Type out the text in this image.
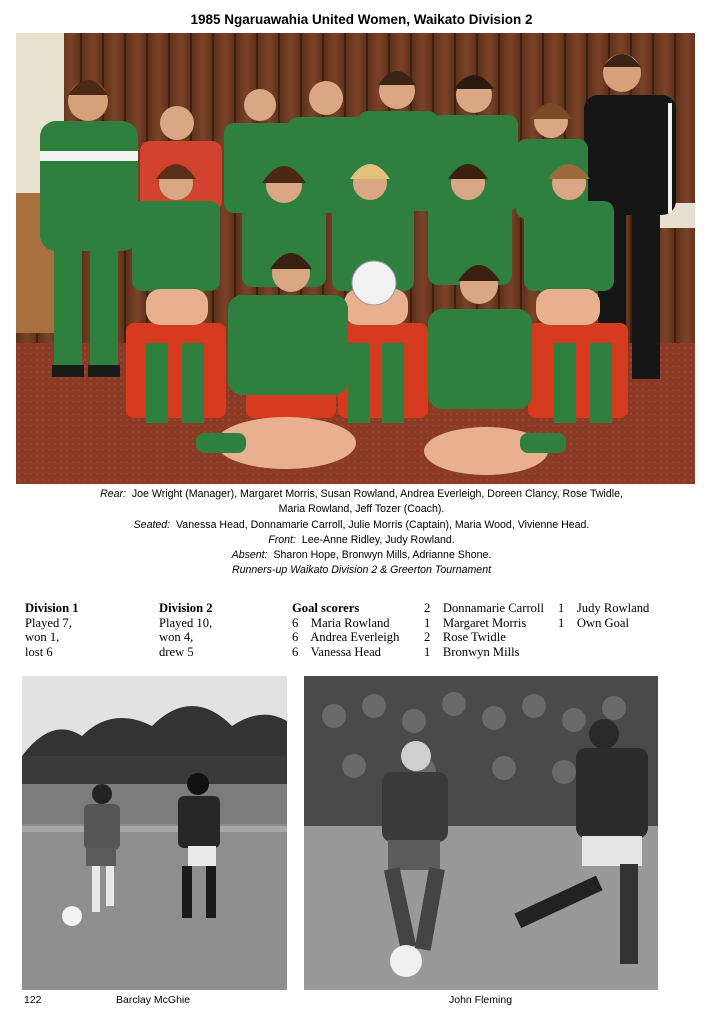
1985 Ngaruawahia United Women, Waikato Division 2
Rear: Joe Wright (Manager), Margaret Morris, Susan Rowland, Andrea Everleigh, Doreen Clancy, Rose Twidle,
Maria Rowland, Jeff Tozer (Coach).
Seated: Vanessa Head, Donnamarie Carroll, Julie Morris (Captain), Maria Wood, Vivienne Head.
Front: Lee-Anne Ridley, Judy Rowland.
Absent: Sharon Hope, Bronwyn Mills, Adrianne Shone.
Runners-up Waikato Division 2 & Greerton Tournament
Division 1
Played 7,
won 1,
lost 6
Division 2
Played 10,
won 4,
drew 5
Goal scorers
6 Maria Rowland
6 Andrea Everleigh
6 Vanessa Head
2 Donnamarie Carroll
1 Margaret Morris
2 Rose Twidle
1 Bronwyn Mills
1 Judy Rowland
1 Own Goal
122	Barclay McGhie	John Fleming
